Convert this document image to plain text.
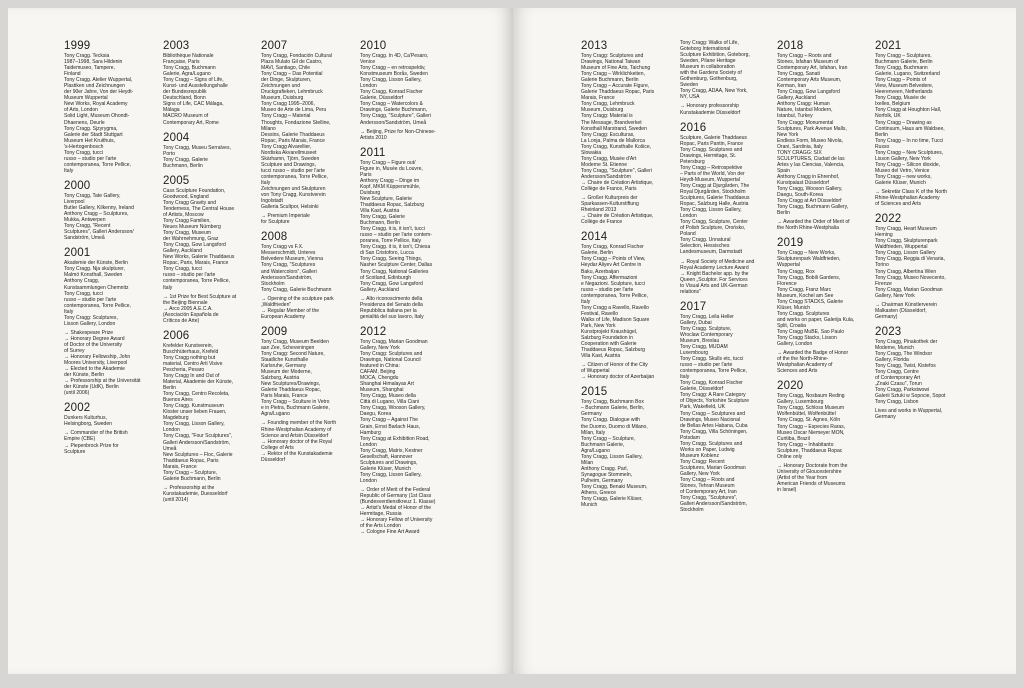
1999
Tony Cragg. Tecksia
1987–1998, Sara Hildenin
Taidemuseo, Tampere,
Finland
Tony Cragg. Atelier Wuppertal,
Plastiken und Zeichnungen
der 90er Jahre, Von der Heydt-
Museum Wuppertal
New Works, Royal Academy
of Arts, London
Solid Light, Museum Ohondt-
Dhaenens, Deurle
Tony Cragg. Sjzyrygma,
Galerie der Stadt Stuttgart
Museum Het Kruithuis,
's-Hertogenbosch
Tony Cragg, tucci
russo – studio per l'arte
contemporanea, Torre Pellice,
Italy
2000
Tony Cragg, Tate Gallery,
Liverpool
Butler Gallery, Kilkenny, Ireland
Anthony Cragg – Sculptures,
Mukka, Antwerpen
Tony Cragg, "Recent
Sculptures", Galleri Andersson/
Sandström, Umeå
2001
Akademie der Künste, Berlin
Tony Cragg. Nja skulpturer,
Malmö Konsthall, Sweden
Anthony Cragg,
Kunstsammlungen Chemnitz
Tony Cragg, tucci
russo – studio per l'arte
contemporanea, Torre Pellice,
Italy
Tony Cragg: Sculptures,
Lisson Gallery, London
→ Shakespeare Prize
→ Honorary Degree Award
of Doctor of the University
of Surrey
→ Honorary Fellowship, John
Moores University, Liverpool
→ Elected to the Akademie
der Künste, Berlin
→ Professorship at the Universität
der Künste (UdK), Berlin
(until 2006)
2002
Dunkers Kulturhus,
Helsingborg, Sweden
→ Commander of the British
Empire (CBE)
→ Piepenbrock Prize for
Sculpture
2003
Bibliothèque Nationale
Française, Paris
Tony Cragg, Buchmann
Galerie, Agra/Lugano
Tony Cragg – Signs of Life,
Kunst- und Ausstellungshalle
der Bundesrepublik
Deutschland, Bonn
Signs of Life, CAC Málaga,
Málaga
MACRO Museum of
Contemporary Art, Rome
2004
Tony Cragg, Museu Serralves,
Porto
Tony Cragg, Galerie
Buchmann, Berlin
2005
Cass Sculpture Foundation,
Goodwood, England
Tony Cragg Gravity and
Tenderness, The Central House
of Artists, Moscow
Tony Cragg Familien,
Neues Museum Nürnberg
Tony Cragg, Museum
der Wahrnehmung, Graz
Tony Cragg, Gow Langsford
Gallery, Auckland
New Works, Galerie Thaddaeus
Ropac, Paris, Marais, France
Tony Cragg, tucci
russo – studio per l'arte
contemporanea, Torre Pellice,
Italy
→ 1st Prize for Best Sculpture at
the Beijing Biennale
→ Arco 2005 A.E.C.A.
(Asociación Española de
Críticos de Arte)
2006
Krefelder Kunstverein,
Buschhüterhaus, Krefeld
Tony Cragg nothing but
material, Centro Arti Visive
Pescheria, Pesaro
Tony Cragg In and Out of
Material, Akademie der Künste,
Berlin
Tony Cragg, Centro Recoleta,
Buenos Aires
Tony Cragg. Kunstmuseum
Kloster unser lieben Frauen,
Magdeburg
Tony Cragg, Lisson Gallery,
London
Tony Cragg, "Four Sculptures",
Galleri Andersson/Sandström,
Umeå
New Sculptures – Floc, Galerie
Thaddaeus Ropac, Paris
Marais, France
Tony Cragg – Sculpture,
Galerie Buchmann, Berlin
→ Professorship at the
Kunstakademie, Duesseldorf
(until 2014)
2007
Tony Cragg, Fondación Cultural
Plaza Mulato Gil de Castro,
MAVI, Santiago, Chile
Tony Cragg – Das Potential
der Dinge, Skulpturen,
Zeichnungen und
Druckgrafieken, Lehmbruck
Museum, Duisburg
Tony Cragg 1995–2006,
Museo de Arte de Lima, Peru
Tony Cragg – Material
Thoughts, Fondazione Stelline,
Milano
Dessins, Galerie Thaddaeus
Ropac, Paris Marais, France
Tony Cragg Alvarellier,
Nordiska Akvarellmuseet
Skärhamn, Tjörn, Sweden
Sculpture and Drawings,
tucci russo – studio per l'arte
contemporanea, Torre Pellice,
Italy
Zeichnungen und Skulpturen
von Tony Cragg, Kunstverein
Ingolstadt
Galleria Scultpor, Helsinki
→ Premium Imperiale
for Sculpture
2008
Tony Cragg vs F.X.
Messerschmidt, Unteres
Belvedere Museum, Vienna
Tony Cragg, "Sculptures
and Watercolors", Galleri
Andersson/Sandström,
Stockholm
Tony Cragg, Galerie Buchmann
→ Opening of the sculpture park
„Waldfrieden"
→ Regular Member of the
European Academy
2009
Tony Cragg, Museum Beelden
aan Zee, Scheveningen
Tony Cragg: Second Nature,
Staatliche Kunsthalle
Karlsruhe, Germany
Museum der Moderne,
Salzburg, Austria
New Sculptures/Drawings,
Galerie Thaddaeus Ropac,
Paris Marais, France
Tony Cragg – Sculture in Vetro
e in Pietra, Buchmann Galerie,
Agra/Lugano
→ Founding member of the North
Rhine-Westphalian Academy of
Science and Artsin Düsseldorf
→ Honorary doctor of the Royal
College of Arts
→ Rektor of the Kunstakademie
Düsseldorf
2010
Tony Cragg. In 4D, Ca'Pesaro,
Venice
Tony Cragg – en retrospektiv,
Konstmuseum Borås, Sweden
Tony Cragg, Lisson Gallery,
London
Tony Cragg, Konrad Fischer
Galerie, Düsseldorf
Tony Cragg – Watercolors &
Drawings, Galerie Buchmann,
Tony Cragg, "Sculpture", Galleri
Andersson/Sandström, Umeå
→ Beijing, Prize for Non-Chinese-
Artists 2010
2011
Tony Cragg – Figure out/
Figure in, Musée du Louvre,
Paris
Anthony Cragg – Dinge im
Kopf, MKM Küppersmühle,
Duisburg
New Sculpture, Galerie
Thaddaeus Ropac, Salzburg
Villa Kast, Austria
Tony Cragg, Galerie
Buchmann, Berlin
Tony Cragg. it is, it isn't, tucci
russo – studio per l'arte contem-
poranea, Torre Pellice, Italy
Tony Cragg. it is, it isn't, Chiesa
di San Cristoforo, Lucca
Tony Cragg, Seeing Things,
Nasher Sculpture Center, Dallas
Tony Cragg, National Galleries
of Scotland, Edinburgh
Tony Cragg, Gow Langsford
Gallery, Auckland
→ Alto riconoscimento della
Presidenza del Senato della
Repubblica italiana per la
genialità del suo lavoro, Italy
2012
Tony Cragg, Marian Goodman
Gallery, New York
Tony Cragg: Sculptures and
Drawings, National Council
featured in China:
CAFAM, Beijing
MOCA, Chengdu
Shanghai Himalayas Art
Museum, Shanghai
Tony Cragg, Museo della
Città di Lugano, Villa Ciani
Tony Cragg, Wooson Gallery,
Daegu, Korea
Tony Cragg – Against The
Grain, Ernst Barlach Haus,
Hamburg
Tony Cragg at Exhibition Road,
London
Tony Cragg, Matrix, Kestner
Gesellschaft, Hannover
Sculptures and Drawings,
Galerie Klüser, Munich
Tony Cragg, Lisson Gallery,
London
→ Order of Merit of the Federal
Republic of Germany (1st Class
(Bundesverdienstkreuz 1. Klasse)
→ Artist's Medal of Honor of the
Hermitage, Russia
→ Honorary Fellow of University
of the Arts London
→ Cologne Fine Art Award
2013
Tony Cragg: Sculptures and
Drawings, National Taiwan
Museum of Fine Arts, Taichung
Tony Cragg – Wirklichkeiten,
Galerie Buchmann, Berlin
Tony Cragg – Accurate Figure,
Galerie Thaddaeus Ropac, Paris
Marais, France
Tony Cragg, Lehmbruck
Museum, Duisburg
Tony Cragg: Material is
The Message, Brandverket
Konsthall Marstrand, Sweden
Tony Cragg: Esculturas,
La Lonja, Palma de Mallorca
Tony Cragg, Kunsthalle Košice,
Slowakia
Tony Cragg, Musée d'Art
Moderne St. Etienne
Tony Cragg, "Sculpture", Galleri
Andersson/Sandström
→ Chaire de Création Artistique,
Collège de France, Paris
→ Großer Kulturpreis der
Sparkassen-Kulturstiftung
Rheinland 2013
→ Chaire de Création Artistique,
Collège de France
2014
Tony Cragg, Konrad Fischer
Galerie, Berlin
Tony Cragg – Points of View,
Heydar Aliyev Art Centre in
Baku, Azerbaijan
Tony Cragg. Affermazioni
e Negazioni. Sculpture, tucci
russo – studio per l'arte
contemporanea, Torre Pellice,
Italy
Tony Cragg a Ravello, Ravello
Festival, Ravello
Walks of Life, Madison Square
Park, New York
Kunstprojekt Kraushügel,
Salzburg Foundation in
Cooperation with Galerie
Thaddaeus Ropac, Salzburg
Villa Kast, Austria
→ Citizen of Honor of the City
of Wuppertal
→ Honorary doctor of Azerbaijan
2015
Tony Cragg, Buchmann Box
– Buchmann Galerie, Berlin,
Germany
Tony Cragg. Dialogue with
the Duomo, Duomo di Milano,
Milan, Italy
Tony Cragg – Sculpture,
Buchmann Galerie,
Agra/Lugano
Tony Cragg, Lisson Gallery,
Milan
Anthony Cragg. Parl,
Synagogue Stommeln,
Pulheim, Germany
Tony Cragg, Benaki Museum,
Athens, Greece
Tony Cragg, Galerie Klüser,
Munich
Tony Cragg: Walks of Life,
Goteborg International
Sculpture Exhibition, Goteborg,
Sweden, Pilane Heritage
Museum in collaboration
with the Gardens Society of
Gothenburg, Gothenburg,
Sweden
Tony Cragg, ADAA, New York,
NY, USA
→ Honorary professorship
Kunstakademie Düsseldorf
2016
Sculpture, Galerie Thaddaeus
Ropac, Paris Pantin, France
Tony Cragg. Sculptures and
Drawings, Hermitage, St.
Petersburg
Tony Cragg – Retrospektive
– Parts of the World, Von der
Heydt-Museum, Wuppertal
Tony Cragg at Djurgården, The
Royal Djurgården, Stockholm
Sculptures, Galerie Thaddaeus
Ropac, Salzburg Halle, Austria
Tony Cragg, Lisson Gallery,
London
Tony Cragg, Sculpture, Center
of Polish Sculpture, Orońsko,
Poland
Tony Cragg. Unnatural
Selection, Hessisches
Landesmuseum, Darmstadt
→ Royal Society of Medicine and
Royal Academy Lecture Award
→ Knight Bachelor app. by the
Queen „Sculptor. For Services
to Visual Arts and UK-German
relations"
2017
Tony Cragg, Leila Heller
Gallery, Dubai
Tony Cragg. Sculpture,
Wroclaw Contemporary
Museum, Breslau
Tony Cragg, MUDAM
Luxembourg
Tony Cragg. Skulls etc, tucci
russo – studio per l'arte
contemporanea, Torre Pellice,
Italy
Tony Cragg, Konrad Fischer
Galerie, Düsseldorf
Tony Cragg: A Rare Category
of Objects, Yorkshire Sculpture
Park, Wakefield, UK
Tony Cragg – Sculptures and
Drawings, Museo Nacional
de Bellas Artes Habana, Cuba
Tony Cragg, Villa Schöningen,
Potsdam
Tony Cragg. Sculptures and
Works on Paper, Ludwig
Museum Koblenz
Tony Cragg: Recent
Sculptures, Marian Goodman
Gallery, New York
Tony Cragg – Roots and
Stones, Tehran Museum
of Contemporary Art, Iran
Tony Cragg, "Sculptures",
Galleri Andersson/Sandström,
Stockholm
2018
Tony Cragg – Roots and
Stones, Isfahan Museum of
Contemporary Art, Isfahan, Iran
Tony Cragg, Sanati
Contemporary Arts Museum,
Kerman, Iran
Tony Cragg, Gow Langsford
Gallery, Auckland
Anthony Cragg: Human
Nature, Istanbul Modern,
Istanbul, Turkey
Tony Cragg: Monumental
Sculptures, Park Avenue Malls,
New York
Endless Form, Museo Nivola,
Orani, Sardinia, Italy
TONY CRAGG: SIX
SCULPTURES, Ciudad de las
Artes y las Ciencias, Valencia,
Spain
Anthony Cragg in Ehrenhof,
Kunstpalast Düsseldorf
Tony Cragg, Wooson Gallery,
Daegu, South-Korea
Tony Cragg at Art Düsseldorf
Tony Cragg, Buchmann Gallery,
Berlin
→ Awarded the Order of Merit of
the North Rhine-Westphalia
2019
Tony Cragg – New Works,
Skulpturenpark Waldfrieden,
Wuppertal
Tony Cragg, Rox
Tony Cragg, Bobili Gardens,
Florence
Tony Cragg, Franz Marc
Museum, Kochel am See
Tony Cragg STACKS, Galerie
Klüser, Munich
Tony Cragg. Sculptures
and works on paper, Galerija Kula,
Split, Croatia
Tony Cragg MuBE, Sao Paulo
Tony Cragg Stacks, Lisson
Gallery, London
→ Awarded the Badge of Honor
of the the North-Rhine-
Westphalian Academy of
Sciences and Arts
2020
Tony Cragg, Nosbaum Reding
Gallery, Luxembourg
Tony Cragg, Schloss Museum
Wolfenbüttel, Wolfenbüttel
Tony Cragg, St. Agnes, Köln
Tony Cragg – Especies Raras,
Museo Oscar Niemeyer MON,
Curitiba, Brazil
Tony Cragg – Inhabitants:
Sculpture, Thaddaeus Ropac
Online only
→ Honorary Doctorate from the
University of Gloucestershire
(Artist of the Year from
American Friends of Museums
in Israel)
2021
Tony Cragg – Sculptures,
Buchmann Galerie, Berlin
Tony Cragg, Buchmann
Galerie, Lugano, Switzerland
Tony Cragg – Points of
View, Museum Belvedere,
Heerenveen, Netherlands
Tony Cragg, Musée de
Ixelles, Belgium
Tony Cragg at Houghton Hall,
Norfolk, UK
Tony Cragg – Drawing as
Continuum, Haus am Waldsee,
Berlin
Tony Cragg – In no time, Tucci
Russo
Tony Cragg – New Sculptures,
Lisson Gallery, New York
Tony Cragg – Silicon dioxide,
Museo del Vetro, Venice
Tony Cragg – new works,
Galerie Klüser, Munich
→ Sekretär Class K of the North
Rhine-Westphalian Academy
of Sciences and Arts
2022
Tony Cragg, Heart Museum
Herning
Tony Cragg, Skulpturenpark
Waldfrieden, Wuppertal
Tony Cragg, Lisson Gallery
Tony Cragg, Reggia di Venaria,
Torino
Tony Cragg, Albertina Wien
Tony Cragg, Museo Novecento,
Firenze
Tony Cragg, Marian Goodman
Gallery, New York
→ Chairman Künstlerverein
Malkasten (Düsseldorf,
Germany)
2023
Tony Cragg, Pinakothek der
Moderne, Munich
Tony Cragg, The Windsor
Gallery, Florida
Tony Cragg, Twist, Kistefos
Tony Cragg, Centre
of Contemporary Art
„Znaki Czasu", Torun
Tony Cragg, Parkstwowi
Galerii Sztuki w Sopocie, Sopot
Tony Cragg, Lisbon
Lives and works in Wuppertal,
Germany
